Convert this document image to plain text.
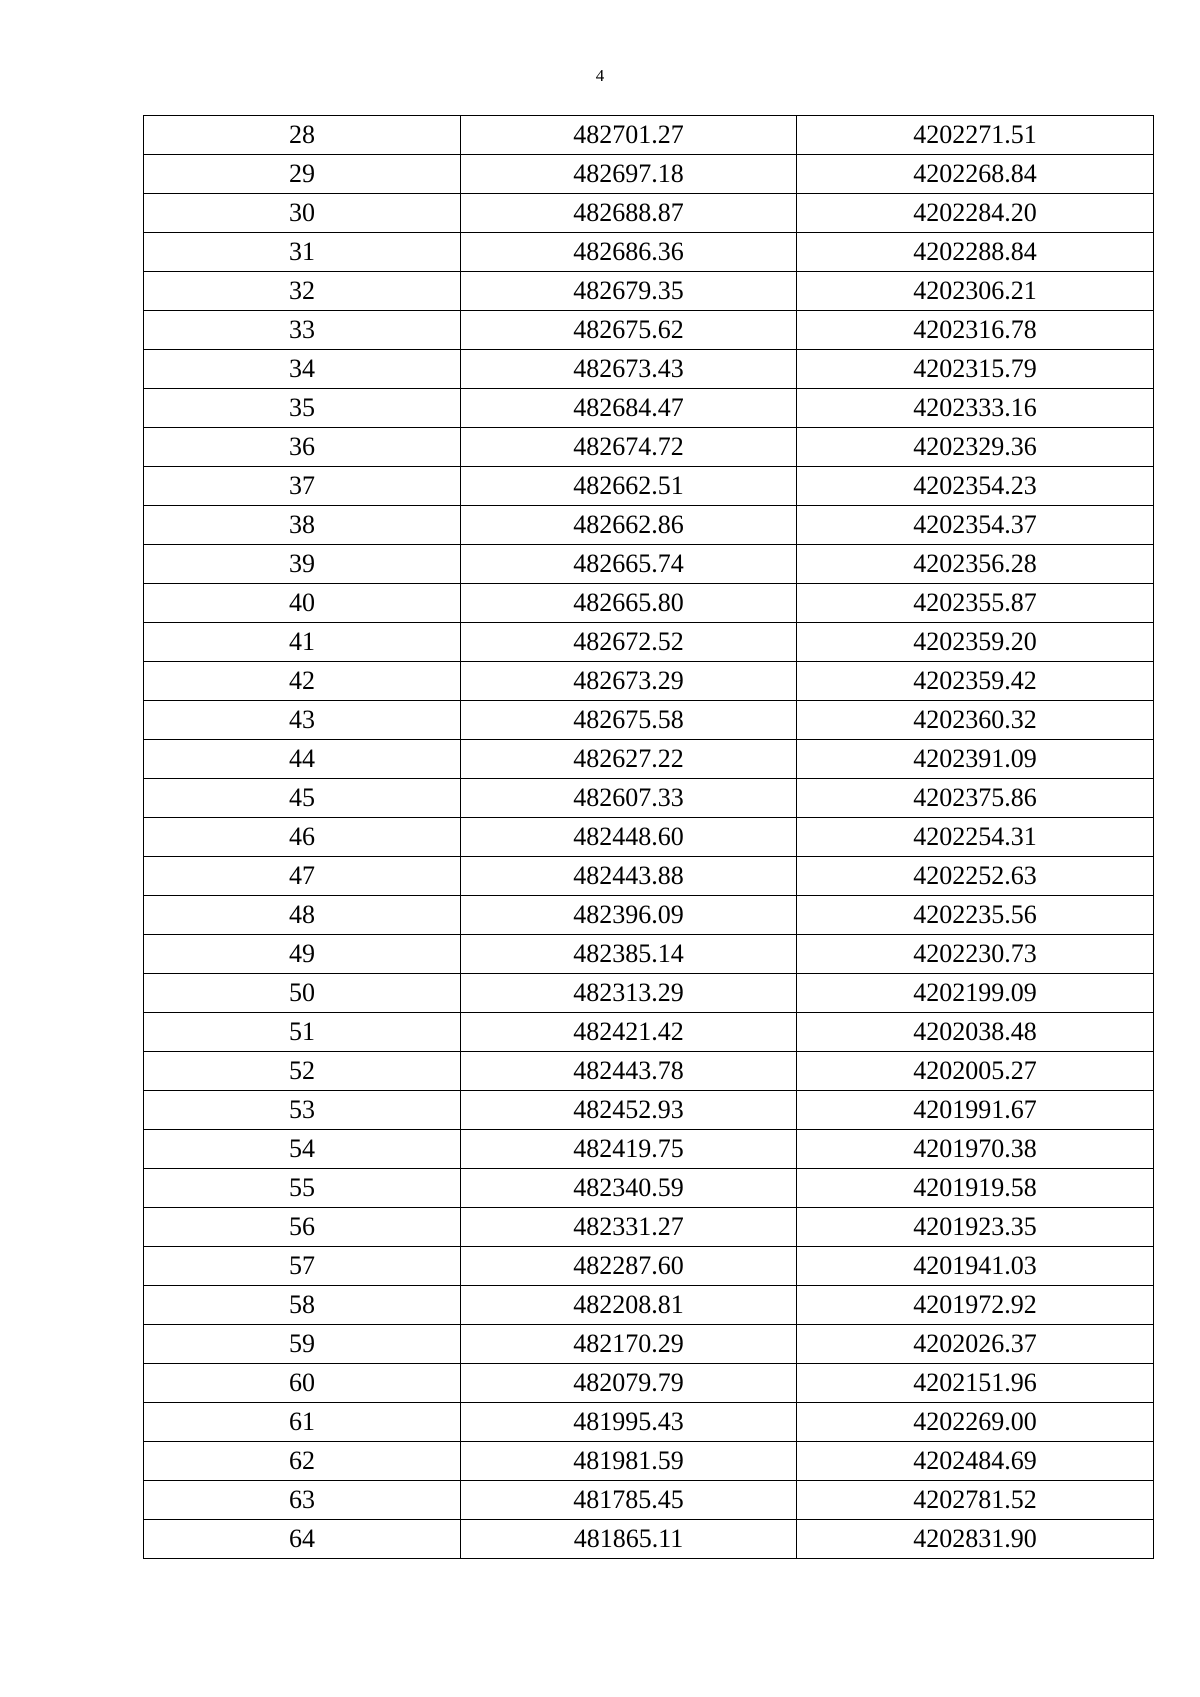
4
28	482701.27	4202271.51
29	482697.18	4202268.84
30	482688.87	4202284.20
31	482686.36	4202288.84
32	482679.35	4202306.21
33	482675.62	4202316.78
34	482673.43	4202315.79
35	482684.47	4202333.16
36	482674.72	4202329.36
37	482662.51	4202354.23
38	482662.86	4202354.37
39	482665.74	4202356.28
40	482665.80	4202355.87
41	482672.52	4202359.20
42	482673.29	4202359.42
43	482675.58	4202360.32
44	482627.22	4202391.09
45	482607.33	4202375.86
46	482448.60	4202254.31
47	482443.88	4202252.63
48	482396.09	4202235.56
49	482385.14	4202230.73
50	482313.29	4202199.09
51	482421.42	4202038.48
52	482443.78	4202005.27
53	482452.93	4201991.67
54	482419.75	4201970.38
55	482340.59	4201919.58
56	482331.27	4201923.35
57	482287.60	4201941.03
58	482208.81	4201972.92
59	482170.29	4202026.37
60	482079.79	4202151.96
61	481995.43	4202269.00
62	481981.59	4202484.69
63	481785.45	4202781.52
64	481865.11	4202831.90
